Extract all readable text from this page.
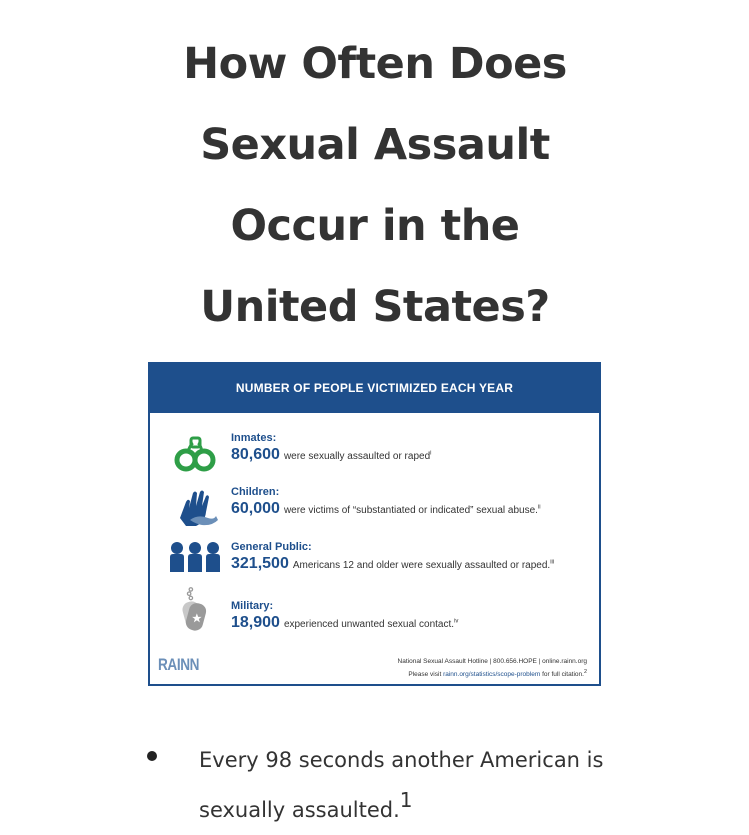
How Often Does
Sexual Assault
Occur in the
United States?
NUMBER OF PEOPLE VICTIMIZED EACH YEAR
Inmates:
80,600 were sexually assaulted or raped$^i$
Children:
60,000 were victims of “substantiated or indicated” sexual abuse.$^{ii}$
General Public:
321,500 Americans 12 and older were sexually assaulted or raped.$^{iii}$
Military:
18,900 experienced unwanted sexual contact.$^{iv}$
RAINN	National Sexual Assault Hotline | 800.656.HOPE | online.rainn.org
Please visit rainn.org/statistics/scope-problem for full citation.$^2$
Every 98 seconds another American is sexually assaulted.$^1$
